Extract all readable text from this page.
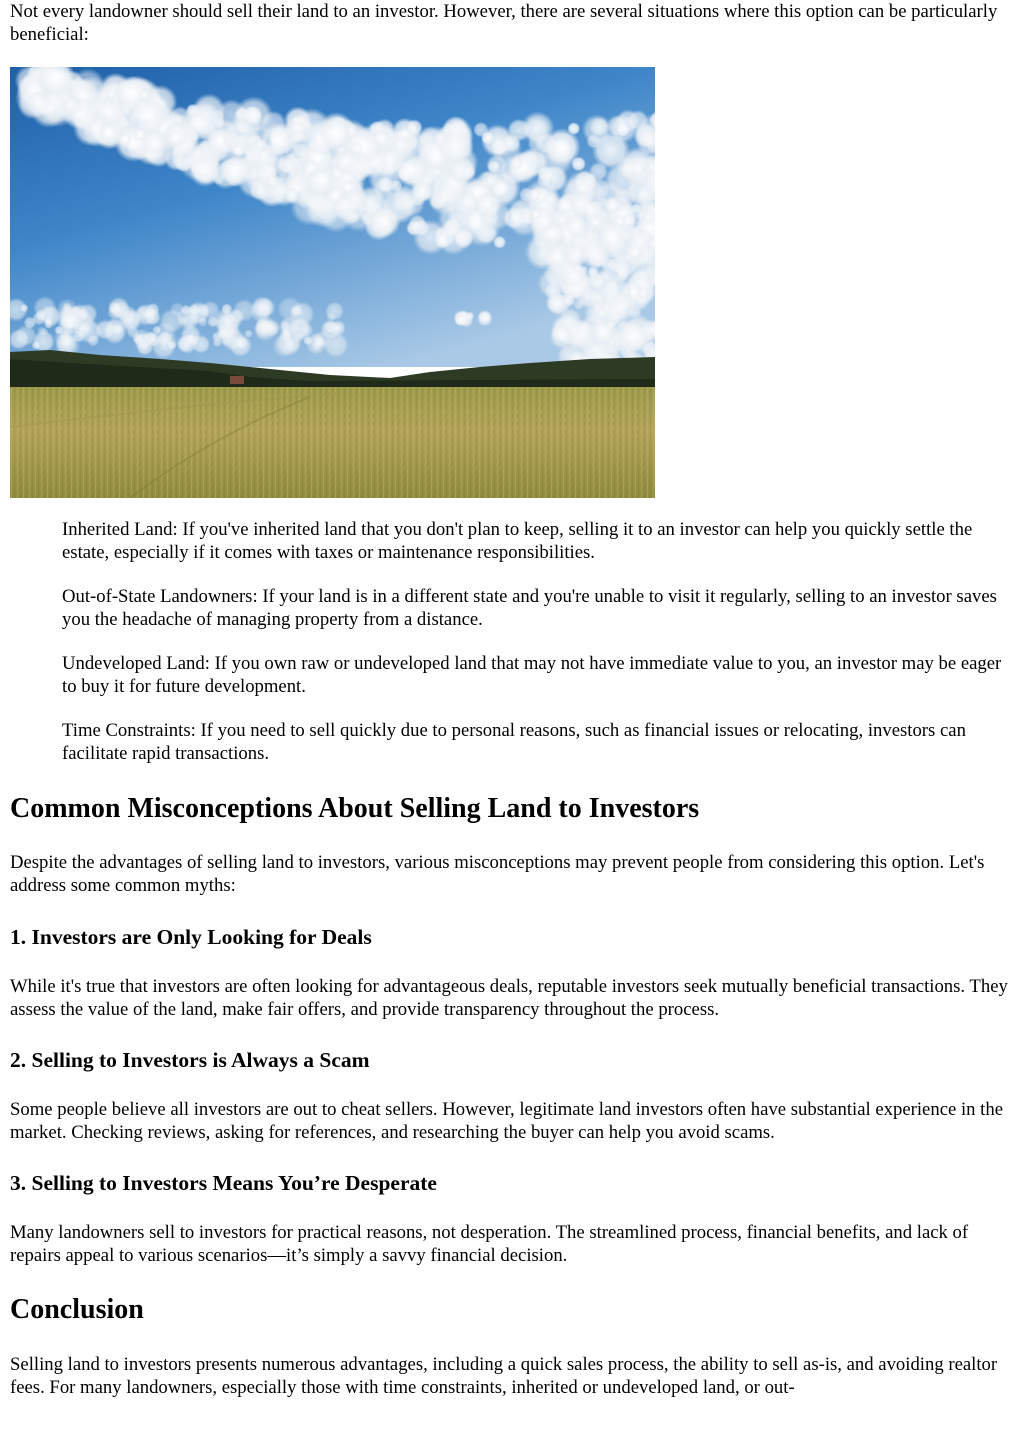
Not every landowner should sell their land to an investor. However, there are several situations where this option can be particularly beneficial:

Inherited Land: If you've inherited land that you don't plan to keep, selling it to an investor can help you quickly settle the estate, especially if it comes with taxes or maintenance responsibilities.
Out-of-State Landowners: If your land is in a different state and you're unable to visit it regularly, selling to an investor saves you the headache of managing property from a distance.
Undeveloped Land: If you own raw or undeveloped land that may not have immediate value to you, an investor may be eager to buy it for future development.
Time Constraints: If you need to sell quickly due to personal reasons, such as financial issues or relocating, investors can facilitate rapid transactions.
Common Misconceptions About Selling Land to Investors

Despite the advantages of selling land to investors, various misconceptions may prevent people from considering this option. Let's address some common myths:

1. Investors are Only Looking for Deals

While it's true that investors are often looking for advantageous deals, reputable investors seek mutually beneficial transactions. They assess the value of the land, make fair offers, and provide transparency throughout the process.

2. Selling to Investors is Always a Scam

Some people believe all investors are out to cheat sellers. However, legitimate land investors often have substantial experience in the market. Checking reviews, asking for references, and researching the buyer can help you avoid scams.

3. Selling to Investors Means You’re Desperate

Many landowners sell to investors for practical reasons, not desperation. The streamlined process, financial benefits, and lack of repairs appeal to various scenarios—it’s simply a savvy financial decision.

Conclusion

Selling land to investors presents numerous advantages, including a quick sales process, the ability to sell as-is, and avoiding realtor fees. For many landowners, especially those with time constraints, inherited or undeveloped land, or out-
